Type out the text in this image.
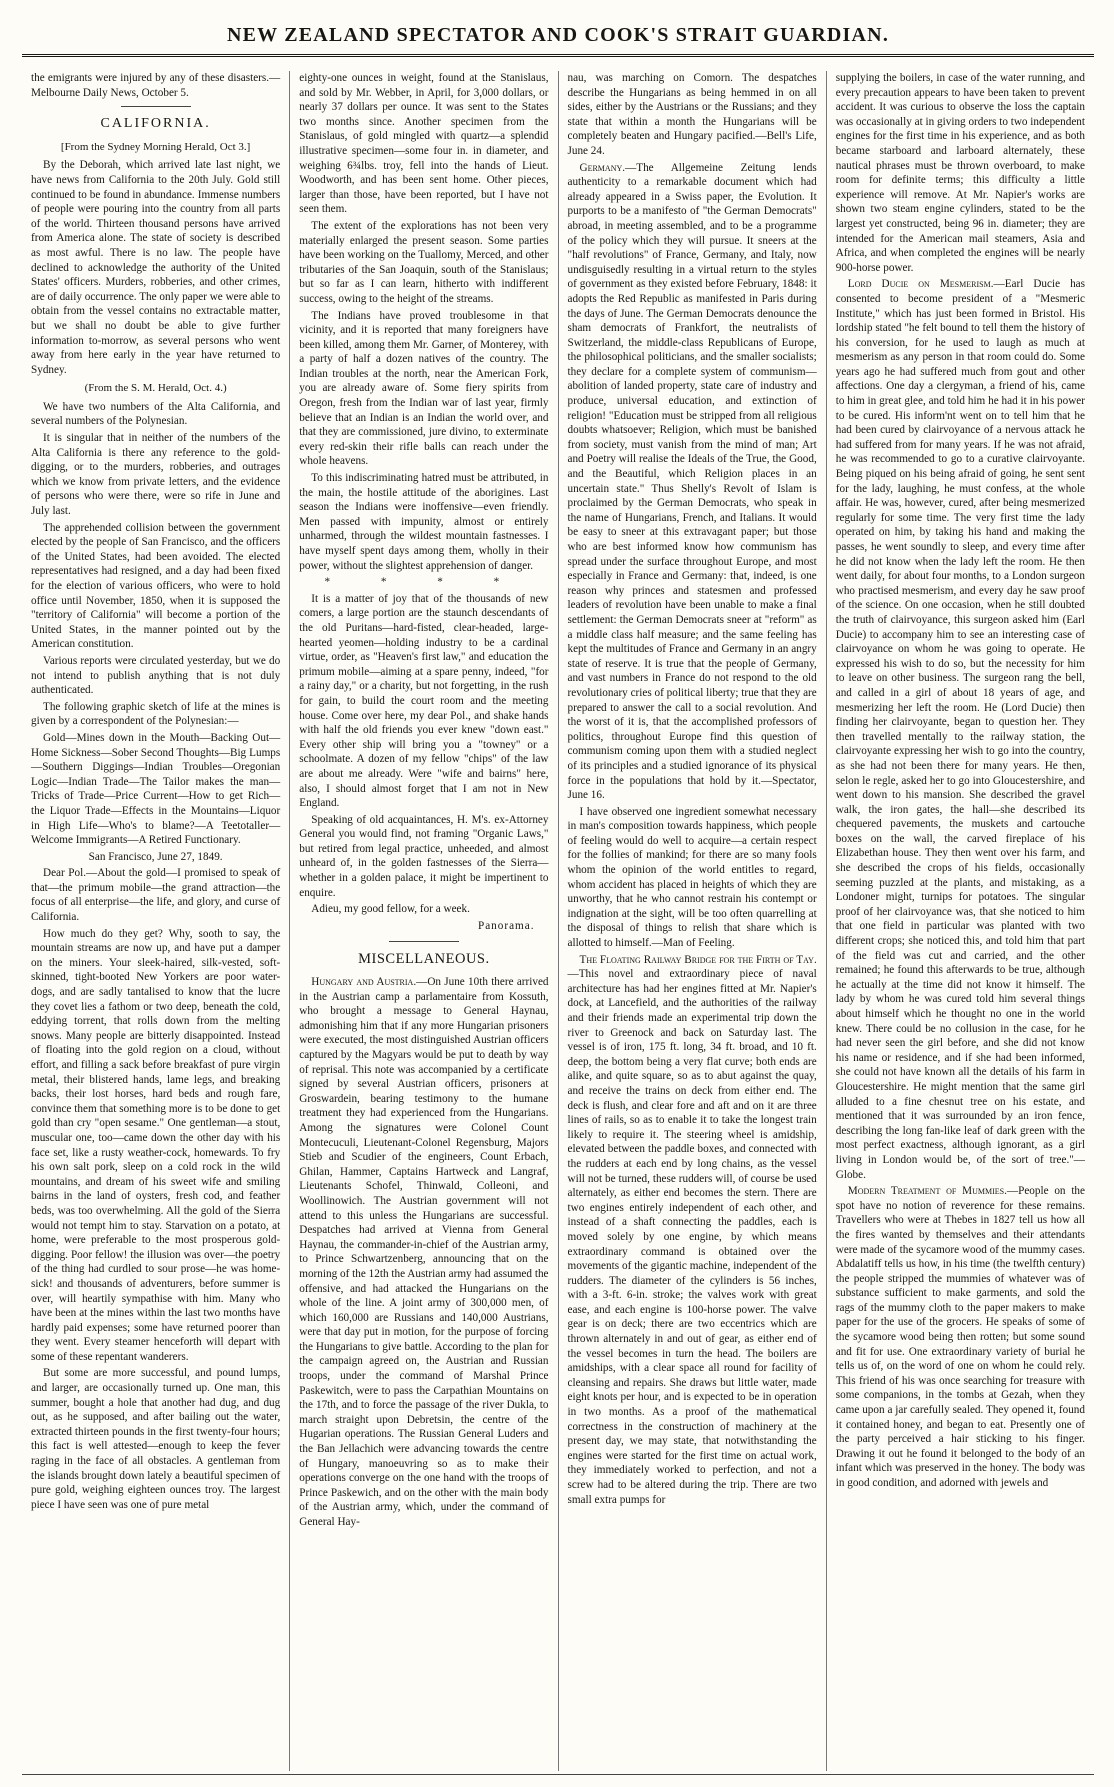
NEW ZEALAND SPECTATOR AND COOK'S STRAIT GUARDIAN.

the emigrants were injured by any of these disasters.—Melbourne Daily News, October 5.

CALIFORNIA.
[From the Sydney Morning Herald, Oct 3.]

By the Deborah, which arrived late last night, we have news from California to the 20th July. Gold still continued to be found in abundance. Immense numbers of people were pouring into the country from all parts of the world. Thirteen thousand persons have arrived from America alone. The state of society is described as most awful. There is no law. The people have declined to acknowledge the authority of the United States' officers. Murders, robberies, and other crimes, are of daily occurrence. The only paper we were able to obtain from the vessel contains no extractable matter, but we shall no doubt be able to give further information to-morrow, as several persons who went away from here early in the year have returned to Sydney.

(From the S. M. Herald, Oct. 4.)

We have two numbers of the Alta California, and several numbers of the Polynesian.

It is singular that in neither of the numbers of the Alta California is there any reference to the gold-digging, or to the murders, robberies, and outrages which we know from private letters, and the evidence of persons who were there, were so rife in June and July last.

The apprehended collision between the government elected by the people of San Francisco, and the officers of the United States, had been avoided. The elected representatives had resigned, and a day had been fixed for the election of various officers, who were to hold office until November, 1850, when it is supposed the "territory of California" will become a portion of the United States, in the manner pointed out by the American constitution.

Various reports were circulated yesterday, but we do not intend to publish anything that is not duly authenticated.

The following graphic sketch of life at the mines is given by a correspondent of the Polynesian:—

Gold—Mines down in the Mouth—Backing Out—Home Sickness—Sober Second Thoughts—Big Lumps—Southern Diggings—Indian Troubles—Oregonian Logic—Indian Trade—The Tailor makes the man—Tricks of Trade—Price Current—How to get Rich—the Liquor Trade—Effects in the Mountains—Liquor in High Life—Who's to blame?—A Teetotaller—Welcome Immigrants—A Retired Functionary.

San Francisco, June 27, 1849.

Dear Pol.—About the gold—I promised to speak of that—the primum mobile—the grand attraction—the focus of all enterprise—the life, and glory, and curse of California.

How much do they get? Why, sooth to say, the mountain streams are now up, and have put a damper on the miners. Your sleek-haired, silk-vested, soft-skinned, tight-booted New Yorkers are poor water-dogs, and are sadly tantalised to know that the lucre they covet lies a fathom or two deep, beneath the cold, eddying torrent, that rolls down from the melting snows. Many people are bitterly disappointed. Instead of floating into the gold region on a cloud, without effort, and filling a sack before breakfast of pure virgin metal, their blistered hands, lame legs, and breaking backs, their lost horses, hard beds and rough fare, convince them that something more is to be done to get gold than cry "open sesame." One gentleman—a stout, muscular one, too—came down the other day with his face set, like a rusty weather-cock, homewards. To fry his own salt pork, sleep on a cold rock in the wild mountains, and dream of his sweet wife and smiling bairns in the land of oysters, fresh cod, and feather beds, was too overwhelming. All the gold of the Sierra would not tempt him to stay. Starvation on a potato, at home, were preferable to the most prosperous gold-digging. Poor fellow! the illusion was over—the poetry of the thing had curdled to sour prose—he was home-sick! and thousands of adventurers, before summer is over, will heartily sympathise with him. Many who have been at the mines within the last two months have hardly paid expenses; some have returned poorer than they went. Every steamer henceforth will depart with some of these repentant wanderers.

But some are more successful, and pound lumps, and larger, are occasionally turned up. One man, this summer, bought a hole that another had dug, and dug out, as he supposed, and after bailing out the water, extracted thirteen pounds in the first twenty-four hours; this fact is well attested—enough to keep the fever raging in the face of all obstacles. A gentleman from the islands brought down lately a beautiful specimen of pure gold, weighing eighteen ounces troy. The largest piece I have seen was one of pure metal

eighty-one ounces in weight, found at the Stanislaus, and sold by Mr. Webber, in April, for 3,000 dollars, or nearly 37 dollars per ounce. It was sent to the States two months since. Another specimen from the Stanislaus, of gold mingled with quartz—a splendid illustrative specimen—some four in. in diameter, and weighing 6¾lbs. troy, fell into the hands of Lieut. Woodworth, and has been sent home. Other pieces, larger than those, have been reported, but I have not seen them.

The extent of the explorations has not been very materially enlarged the present season. Some parties have been working on the Tuallomy, Merced, and other tributaries of the San Joaquin, south of the Stanislaus; but so far as I can learn, hitherto with indifferent success, owing to the height of the streams.

The Indians have proved troublesome in that vicinity, and it is reported that many foreigners have been killed, among them Mr. Garner, of Monterey, with a party of half a dozen natives of the country. The Indian troubles at the north, near the American Fork, you are already aware of. Some fiery spirits from Oregon, fresh from the Indian war of last year, firmly believe that an Indian is an Indian the world over, and that they are commissioned, jure divino, to exterminate every red-skin their rifle balls can reach under the whole heavens.

To this indiscriminating hatred must be attributed, in the main, the hostile attitude of the aborigines. Last season the Indians were inoffensive—even friendly. Men passed with impunity, almost or entirely unharmed, through the wildest mountain fastnesses. I have myself spent days among them, wholly in their power, without the slightest apprehension of danger.

* * * *

It is a matter of joy that of the thousands of new comers, a large portion are the staunch descendants of the old Puritans—hard-fisted, clear-headed, large-hearted yeomen—holding industry to be a cardinal virtue, order, as "Heaven's first law," and education the primum mobile—aiming at a spare penny, indeed, "for a rainy day," or a charity, but not forgetting, in the rush for gain, to build the court room and the meeting house. Come over here, my dear Pol., and shake hands with half the old friends you ever knew "down east." Every other ship will bring you a "towney" or a schoolmate. A dozen of my fellow "chips" of the law are about me already. Were "wife and bairns" here, also, I should almost forget that I am not in New England.

Speaking of old acquaintances, H. M's. ex-Attorney General you would find, not framing "Organic Laws," but retired from legal practice, unheeded, and almost unheard of, in the golden fastnesses of the Sierra—whether in a golden palace, it might be impertinent to enquire.

Adieu, my good fellow, for a week.

Panorama.
MISCELLANEOUS.

Hungary and Austria.—On June 10th there arrived in the Austrian camp a parlamentaire from Kossuth, who brought a message to General Haynau, admonishing him that if any more Hungarian prisoners were executed, the most distinguished Austrian officers captured by the Magyars would be put to death by way of reprisal. This note was accompanied by a certificate signed by several Austrian officers, prisoners at Groswardein, bearing testimony to the humane treatment they had experienced from the Hungarians. Among the signatures were Colonel Count Montecuculi, Lieutenant-Colonel Regensburg, Majors Stieb and Scudier of the engineers, Count Erbach, Ghilan, Hammer, Captains Hartweck and Langraf, Lieutenants Schofel, Thinwald, Colleoni, and Woollinowich. The Austrian government will not attend to this unless the Hungarians are successful. Despatches had arrived at Vienna from General Haynau, the commander-in-chief of the Austrian army, to Prince Schwartzenberg, announcing that on the morning of the 12th the Austrian army had assumed the offensive, and had attacked the Hungarians on the whole of the line. A joint army of 300,000 men, of which 160,000 are Russians and 140,000 Austrians, were that day put in motion, for the purpose of forcing the Hungarians to give battle. According to the plan for the campaign agreed on, the Austrian and Russian troops, under the command of Marshal Prince Paskewitch, were to pass the Carpathian Mountains on the 17th, and to force the passage of the river Dukla, to march straight upon Debretsin, the centre of the Hugarian operations. The Russian General Luders and the Ban Jellachich were advancing towards the centre of Hungary, manoeuvring so as to make their operations converge on the one hand with the troops of Prince Paskewich, and on the other with the main body of the Austrian army, which, under the command of General Hay-

nau, was marching on Comorn. The despatches describe the Hungarians as being hemmed in on all sides, either by the Austrians or the Russians; and they state that within a month the Hungarians will be completely beaten and Hungary pacified.—Bell's Life, June 24.

Germany.—The Allgemeine Zeitung lends authenticity to a remarkable document which had already appeared in a Swiss paper, the Evolution. It purports to be a manifesto of "the German Democrats" abroad, in meeting assembled, and to be a programme of the policy which they will pursue. It sneers at the "half revolutions" of France, Germany, and Italy, now undisguisedly resulting in a virtual return to the styles of government as they existed before February, 1848: it adopts the Red Republic as manifested in Paris during the days of June. The German Democrats denounce the sham democrats of Frankfort, the neutralists of Switzerland, the middle-class Republicans of Europe, the philosophical politicians, and the smaller socialists; they declare for a complete system of communism—abolition of landed property, state care of industry and produce, universal education, and extinction of religion! "Education must be stripped from all religious doubts whatsoever; Religion, which must be banished from society, must vanish from the mind of man; Art and Poetry will realise the Ideals of the True, the Good, and the Beautiful, which Religion places in an uncertain state." Thus Shelly's Revolt of Islam is proclaimed by the German Democrats, who speak in the name of Hungarians, French, and Italians. It would be easy to sneer at this extravagant paper; but those who are best informed know how communism has spread under the surface throughout Europe, and most especially in France and Germany: that, indeed, is one reason why princes and statesmen and professed leaders of revolution have been unable to make a final settlement: the German Democrats sneer at "reform" as a middle class half measure; and the same feeling has kept the multitudes of France and Germany in an angry state of reserve. It is true that the people of Germany, and vast numbers in France do not respond to the old revolutionary cries of political liberty; true that they are prepared to answer the call to a social revolution. And the worst of it is, that the accomplished professors of politics, throughout Europe find this question of communism coming upon them with a studied neglect of its principles and a studied ignorance of its physical force in the populations that hold by it.—Spectator, June 16.

I have observed one ingredient somewhat necessary in man's composition towards happiness, which people of feeling would do well to acquire—a certain respect for the follies of mankind; for there are so many fools whom the opinion of the world entitles to regard, whom accident has placed in heights of which they are unworthy, that he who cannot restrain his contempt or indignation at the sight, will be too often quarrelling at the disposal of things to relish that share which is allotted to himself.—Man of Feeling.

The Floating Railway Bridge for the Firth of Tay.—This novel and extraordinary piece of naval architecture has had her engines fitted at Mr. Napier's dock, at Lancefield, and the authorities of the railway and their friends made an experimental trip down the river to Greenock and back on Saturday last. The vessel is of iron, 175 ft. long, 34 ft. broad, and 10 ft. deep, the bottom being a very flat curve; both ends are alike, and quite square, so as to abut against the quay, and receive the trains on deck from either end. The deck is flush, and clear fore and aft and on it are three lines of rails, so as to enable it to take the longest train likely to require it. The steering wheel is amidship, elevated between the paddle boxes, and connected with the rudders at each end by long chains, as the vessel will not be turned, these rudders will, of course be used alternately, as either end becomes the stern. There are two engines entirely independent of each other, and instead of a shaft connecting the paddles, each is moved solely by one engine, by which means extraordinary command is obtained over the movements of the gigantic machine, independent of the rudders. The diameter of the cylinders is 56 inches, with a 3-ft. 6-in. stroke; the valves work with great ease, and each engine is 100-horse power. The valve gear is on deck; there are two eccentrics which are thrown alternately in and out of gear, as either end of the vessel becomes in turn the head. The boilers are amidships, with a clear space all round for facility of cleansing and repairs. She draws but little water, made eight knots per hour, and is expected to be in operation in two months. As a proof of the mathematical correctness in the construction of machinery at the present day, we may state, that notwithstanding the engines were started for the first time on actual work, they immediately worked to perfection, and not a screw had to be altered during the trip. There are two small extra pumps for

supplying the boilers, in case of the water running, and every precaution appears to have been taken to prevent accident. It was curious to observe the loss the captain was occasionally at in giving orders to two independent engines for the first time in his experience, and as both became starboard and larboard alternately, these nautical phrases must be thrown overboard, to make room for definite terms; this difficulty a little experience will remove. At Mr. Napier's works are shown two steam engine cylinders, stated to be the largest yet constructed, being 96 in. diameter; they are intended for the American mail steamers, Asia and Africa, and when completed the engines will be nearly 900-horse power.

Lord Ducie on Mesmerism.—Earl Ducie has consented to become president of a "Mesmeric Institute," which has just been formed in Bristol. His lordship stated "he felt bound to tell them the history of his conversion, for he used to laugh as much at mesmerism as any person in that room could do. Some years ago he had suffered much from gout and other affections. One day a clergyman, a friend of his, came to him in great glee, and told him he had it in his power to be cured. His inform'nt went on to tell him that he had been cured by clairvoyance of a nervous attack he had suffered from for many years. If he was not afraid, he was recommended to go to a curative clairvoyante. Being piqued on his being afraid of going, he sent sent for the lady, laughing, he must confess, at the whole affair. He was, however, cured, after being mesmerized regularly for some time. The very first time the lady operated on him, by taking his hand and making the passes, he went soundly to sleep, and every time after he did not know when the lady left the room. He then went daily, for about four months, to a London surgeon who practised mesmerism, and every day he saw proof of the science. On one occasion, when he still doubted the truth of clairvoyance, this surgeon asked him (Earl Ducie) to accompany him to see an interesting case of clairvoyance on whom he was going to operate. He expressed his wish to do so, but the necessity for him to leave on other business. The surgeon rang the bell, and called in a girl of about 18 years of age, and mesmerizing her left the room. He (Lord Ducie) then finding her clairvoyante, began to question her. They then travelled mentally to the railway station, the clairvoyante expressing her wish to go into the country, as she had not been there for many years. He then, selon le regle, asked her to go into Gloucestershire, and went down to his mansion. She described the gravel walk, the iron gates, the hall—she described its chequered pavements, the muskets and cartouche boxes on the wall, the carved fireplace of his Elizabethan house. They then went over his farm, and she described the crops of his fields, occasionally seeming puzzled at the plants, and mistaking, as a Londoner might, turnips for potatoes. The singular proof of her clairvoyance was, that she noticed to him that one field in particular was planted with two different crops; she noticed this, and told him that part of the field was cut and carried, and the other remained; he found this afterwards to be true, although he actually at the time did not know it himself. The lady by whom he was cured told him several things about himself which he thought no one in the world knew. There could be no collusion in the case, for he had never seen the girl before, and she did not know his name or residence, and if she had been informed, she could not have known all the details of his farm in Gloucestershire. He might mention that the same girl alluded to a fine chesnut tree on his estate, and mentioned that it was surrounded by an iron fence, describing the long fan-like leaf of dark green with the most perfect exactness, although ignorant, as a girl living in London would be, of the sort of tree."—Globe.

Modern Treatment of Mummies.—People on the spot have no notion of reverence for these remains. Travellers who were at Thebes in 1827 tell us how all the fires wanted by themselves and their attendants were made of the sycamore wood of the mummy cases. Abdalatiff tells us how, in his time (the twelfth century) the people stripped the mummies of whatever was of substance sufficient to make garments, and sold the rags of the mummy cloth to the paper makers to make paper for the use of the grocers. He speaks of some of the sycamore wood being then rotten; but some sound and fit for use. One extraordinary variety of burial he tells us of, on the word of one on whom he could rely. This friend of his was once searching for treasure with some companions, in the tombs at Gezah, when they came upon a jar carefully sealed. They opened it, found it contained honey, and began to eat. Presently one of the party perceived a hair sticking to his finger. Drawing it out he found it belonged to the body of an infant which was preserved in the honey. The body was in good condition, and adorned with jewels and
